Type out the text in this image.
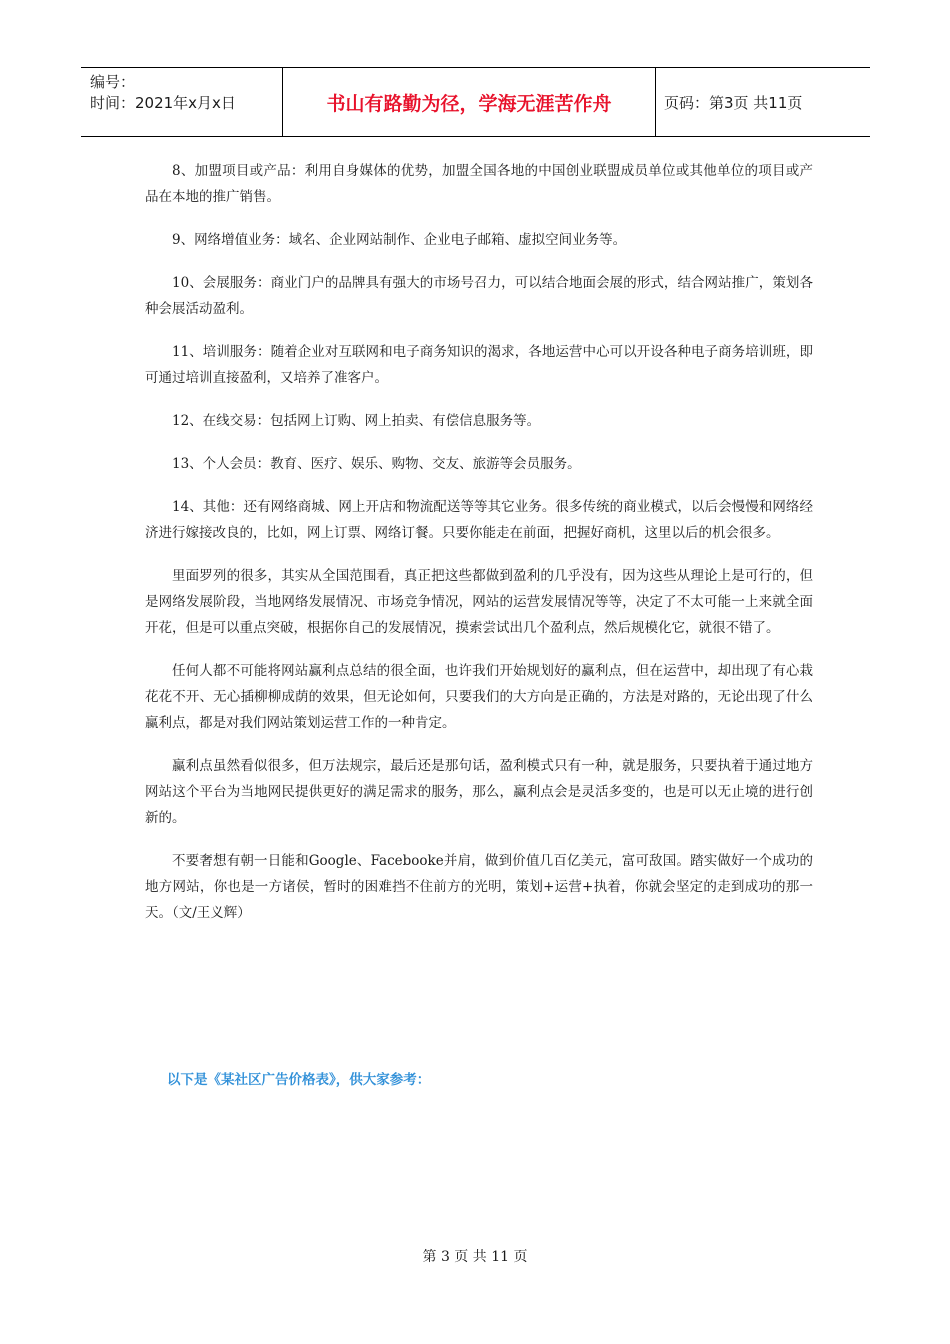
编号：
时间：2021年x月x日	书山有路勤为径，学海无涯苦作舟	页码：第3页 共11页

8、加盟项目或产品：利用自身媒体的优势，加盟全国各地的中国创业联盟成员单位或其他单位的项目或产品在本地的推广销售。

9、网络增值业务：域名、企业网站制作、企业电子邮箱、虚拟空间业务等。

10、会展服务：商业门户的品牌具有强大的市场号召力，可以结合地面会展的形式，结合网站推广，策划各种会展活动盈利。

11、培训服务：随着企业对互联网和电子商务知识的渴求，各地运营中心可以开设各种电子商务培训班，即可通过培训直接盈利，又培养了准客户。

12、在线交易：包括网上订购、网上拍卖、有偿信息服务等。

13、个人会员：教育、医疗、娱乐、购物、交友、旅游等会员服务。

14、其他：还有网络商城、网上开店和物流配送等等其它业务。很多传统的商业模式，以后会慢慢和网络经济进行嫁接改良的，比如，网上订票、网络订餐。只要你能走在前面，把握好商机，这里以后的机会很多。

里面罗列的很多，其实从全国范围看，真正把这些都做到盈利的几乎没有，因为这些从理论上是可行的，但是网络发展阶段，当地网络发展情况、市场竞争情况，网站的运营发展情况等等，决定了不太可能一上来就全面开花，但是可以重点突破，根据你自己的发展情况，摸索尝试出几个盈利点，然后规模化它，就很不错了。

任何人都不可能将网站赢利点总结的很全面，也许我们开始规划好的赢利点，但在运营中，却出现了有心栽花花不开、无心插柳柳成荫的效果，但无论如何，只要我们的大方向是正确的，方法是对路的，无论出现了什么赢利点，都是对我们网站策划运营工作的一种肯定。

赢利点虽然看似很多，但万法规宗，最后还是那句话，盈利模式只有一种，就是服务，只要执着于通过地方网站这个平台为当地网民提供更好的满足需求的服务，那么，赢利点会是灵活多变的，也是可以无止境的进行创新的。

不要奢想有朝一日能和Google、Facebooke并肩，做到价值几百亿美元，富可敌国。踏实做好一个成功的地方网站，你也是一方诸侯，暂时的困难挡不住前方的光明，策划+运营+执着，你就会坚定的走到成功的那一天。（文/王义辉）

以下是《某社区广告价格表》，供大家参考：
第 3 页 共 11 页
